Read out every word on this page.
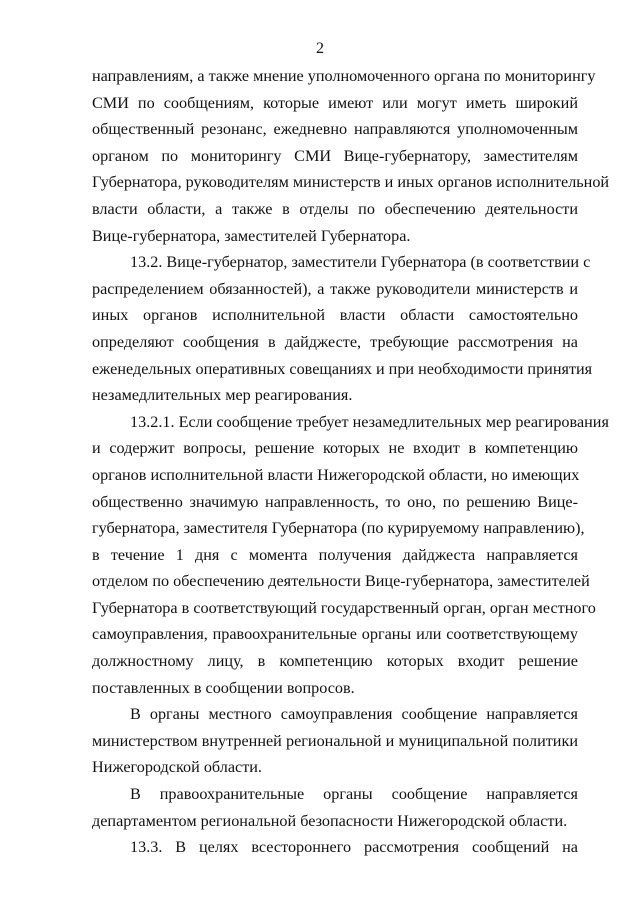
2
направлениям, а также мнение уполномоченного органа по мониторингу
СМИ по сообщениям, которые имеют или могут иметь широкий
общественный резонанс, ежедневно направляются уполномоченным
органом по мониторингу СМИ Вице-губернатору, заместителям
Губернатора, руководителям министерств и иных органов исполнительной
власти области, а также в отделы по обеспечению деятельности
Вице-губернатора, заместителей Губернатора.
13.2. Вице-губернатор, заместители Губернатора (в соответствии с
распределением обязанностей), а также руководители министерств и
иных органов исполнительной власти области самостоятельно
определяют сообщения в дайджесте, требующие рассмотрения на
еженедельных оперативных совещаниях и при необходимости принятия
незамедлительных мер реагирования.
13.2.1. Если сообщение требует незамедлительных мер реагирования
и содержит вопросы, решение которых не входит в компетенцию
органов исполнительной власти Нижегородской области, но имеющих
общественно значимую направленность, то оно, по решению Вице-
губернатора, заместителя Губернатора (по курируемому направлению),
в течение 1 дня с момента получения дайджеста направляется
отделом по обеспечению деятельности Вице-губернатора, заместителей
Губернатора в соответствующий государственный орган, орган местного
самоуправления, правоохранительные органы или соответствующему
должностному лицу, в компетенцию которых входит решение
поставленных в сообщении вопросов.
В органы местного самоуправления сообщение направляется
министерством внутренней региональной и муниципальной политики
Нижегородской области.
В правоохранительные органы сообщение направляется
департаментом региональной безопасности Нижегородской области.
13.3. В целях всестороннего рассмотрения сообщений на
